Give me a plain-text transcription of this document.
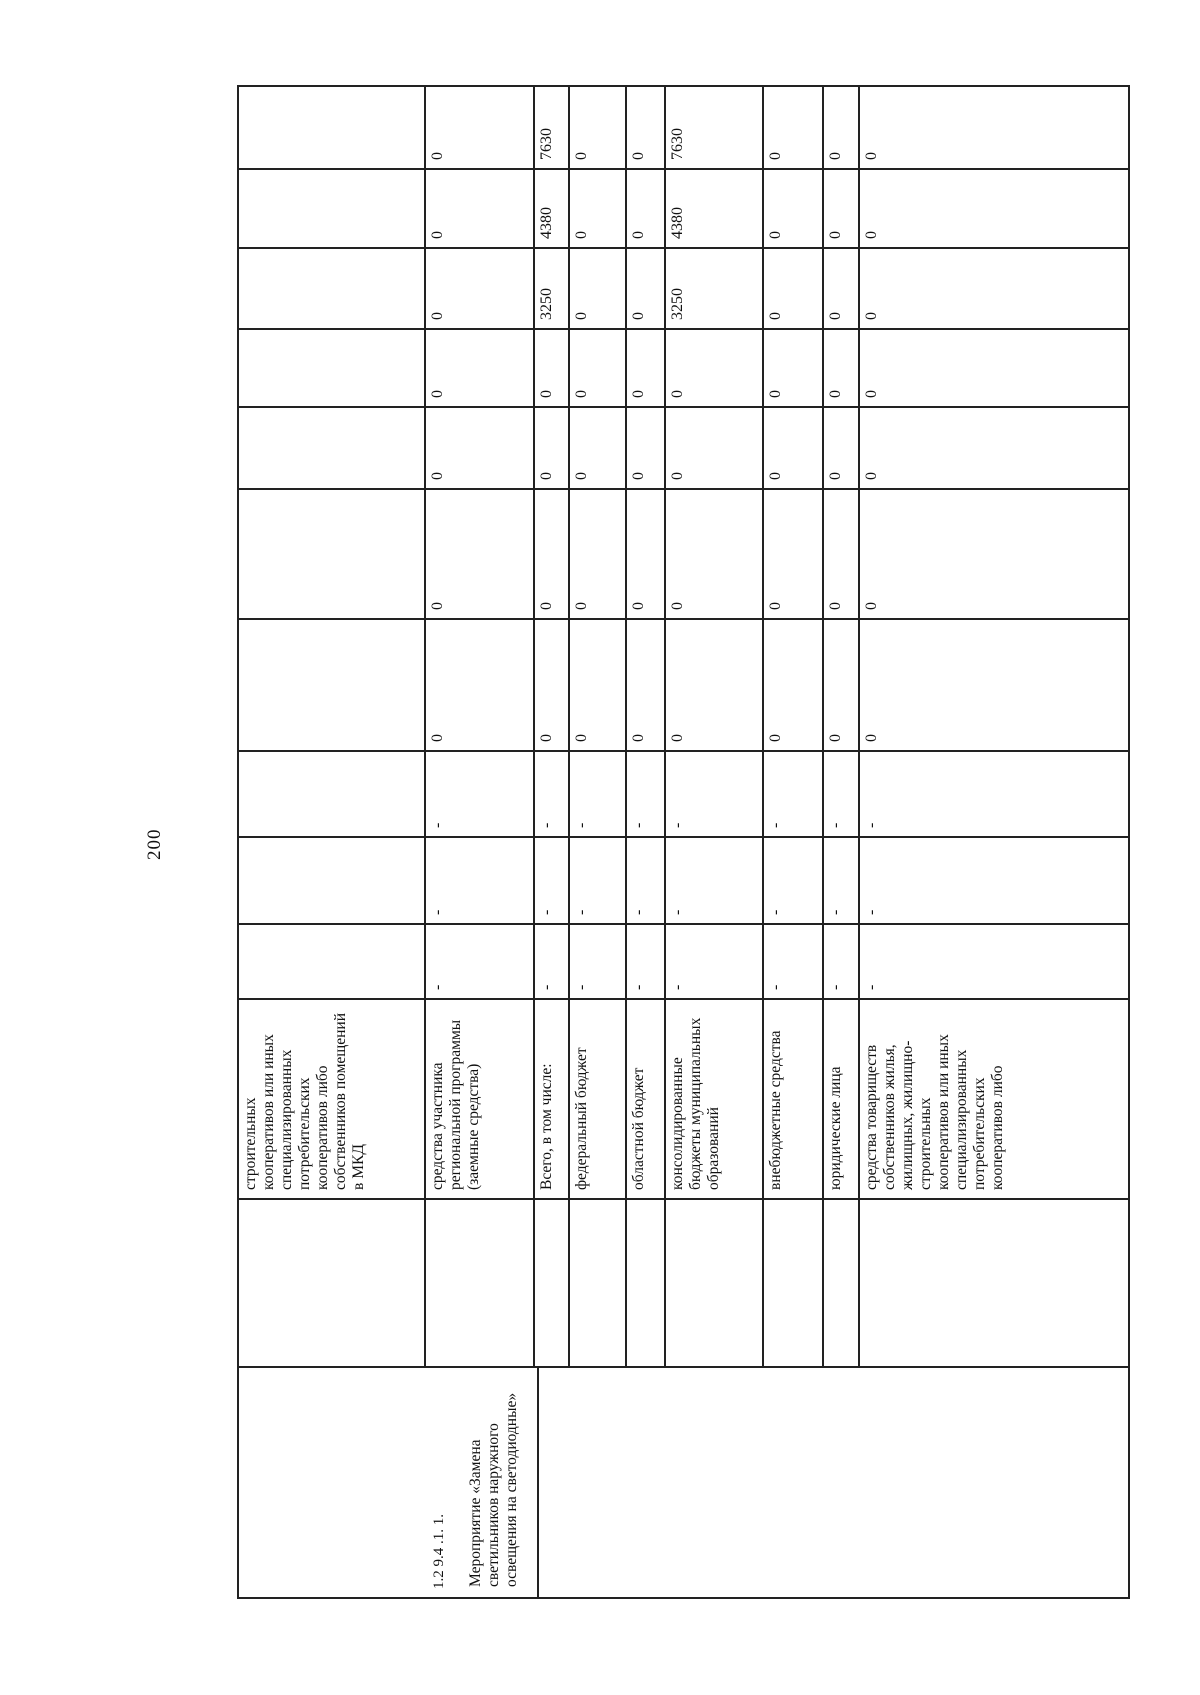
200
строительных кооперативов или иных специализированных потребительских кооперативов либо собственников помещений в МКД
1.2 9.4 .1. 1.	Мероприятие «Замена светильников наружного освещения на светодиодные»
средства участника региональной программы (заемные средства)
-
-
-
0
0
0
0
0
0
0
Всего, в том числе:
-
-
-
7630
4380
3250
0
0
0
0
федеральный бюджет
-
-
-
0
0
0
0
0
0
0
областной бюджет
-
-
-
0
0
0
0
0
0
0
консолидированные бюджеты муниципальных образований
-
-
-
7630
4380
3250
0
0
0
0
внебюджетные средства
-
-
-
0
0
0
0
0
0
0
юридические лица
-
-
-
0
0
0
0
0
0
0
средства товариществ собственников жилья, жилищных, жилищно-строительных кооперативов или иных специализированных потребительских кооперативов либо
-
-
-
0
0
0
0
0
0
0
